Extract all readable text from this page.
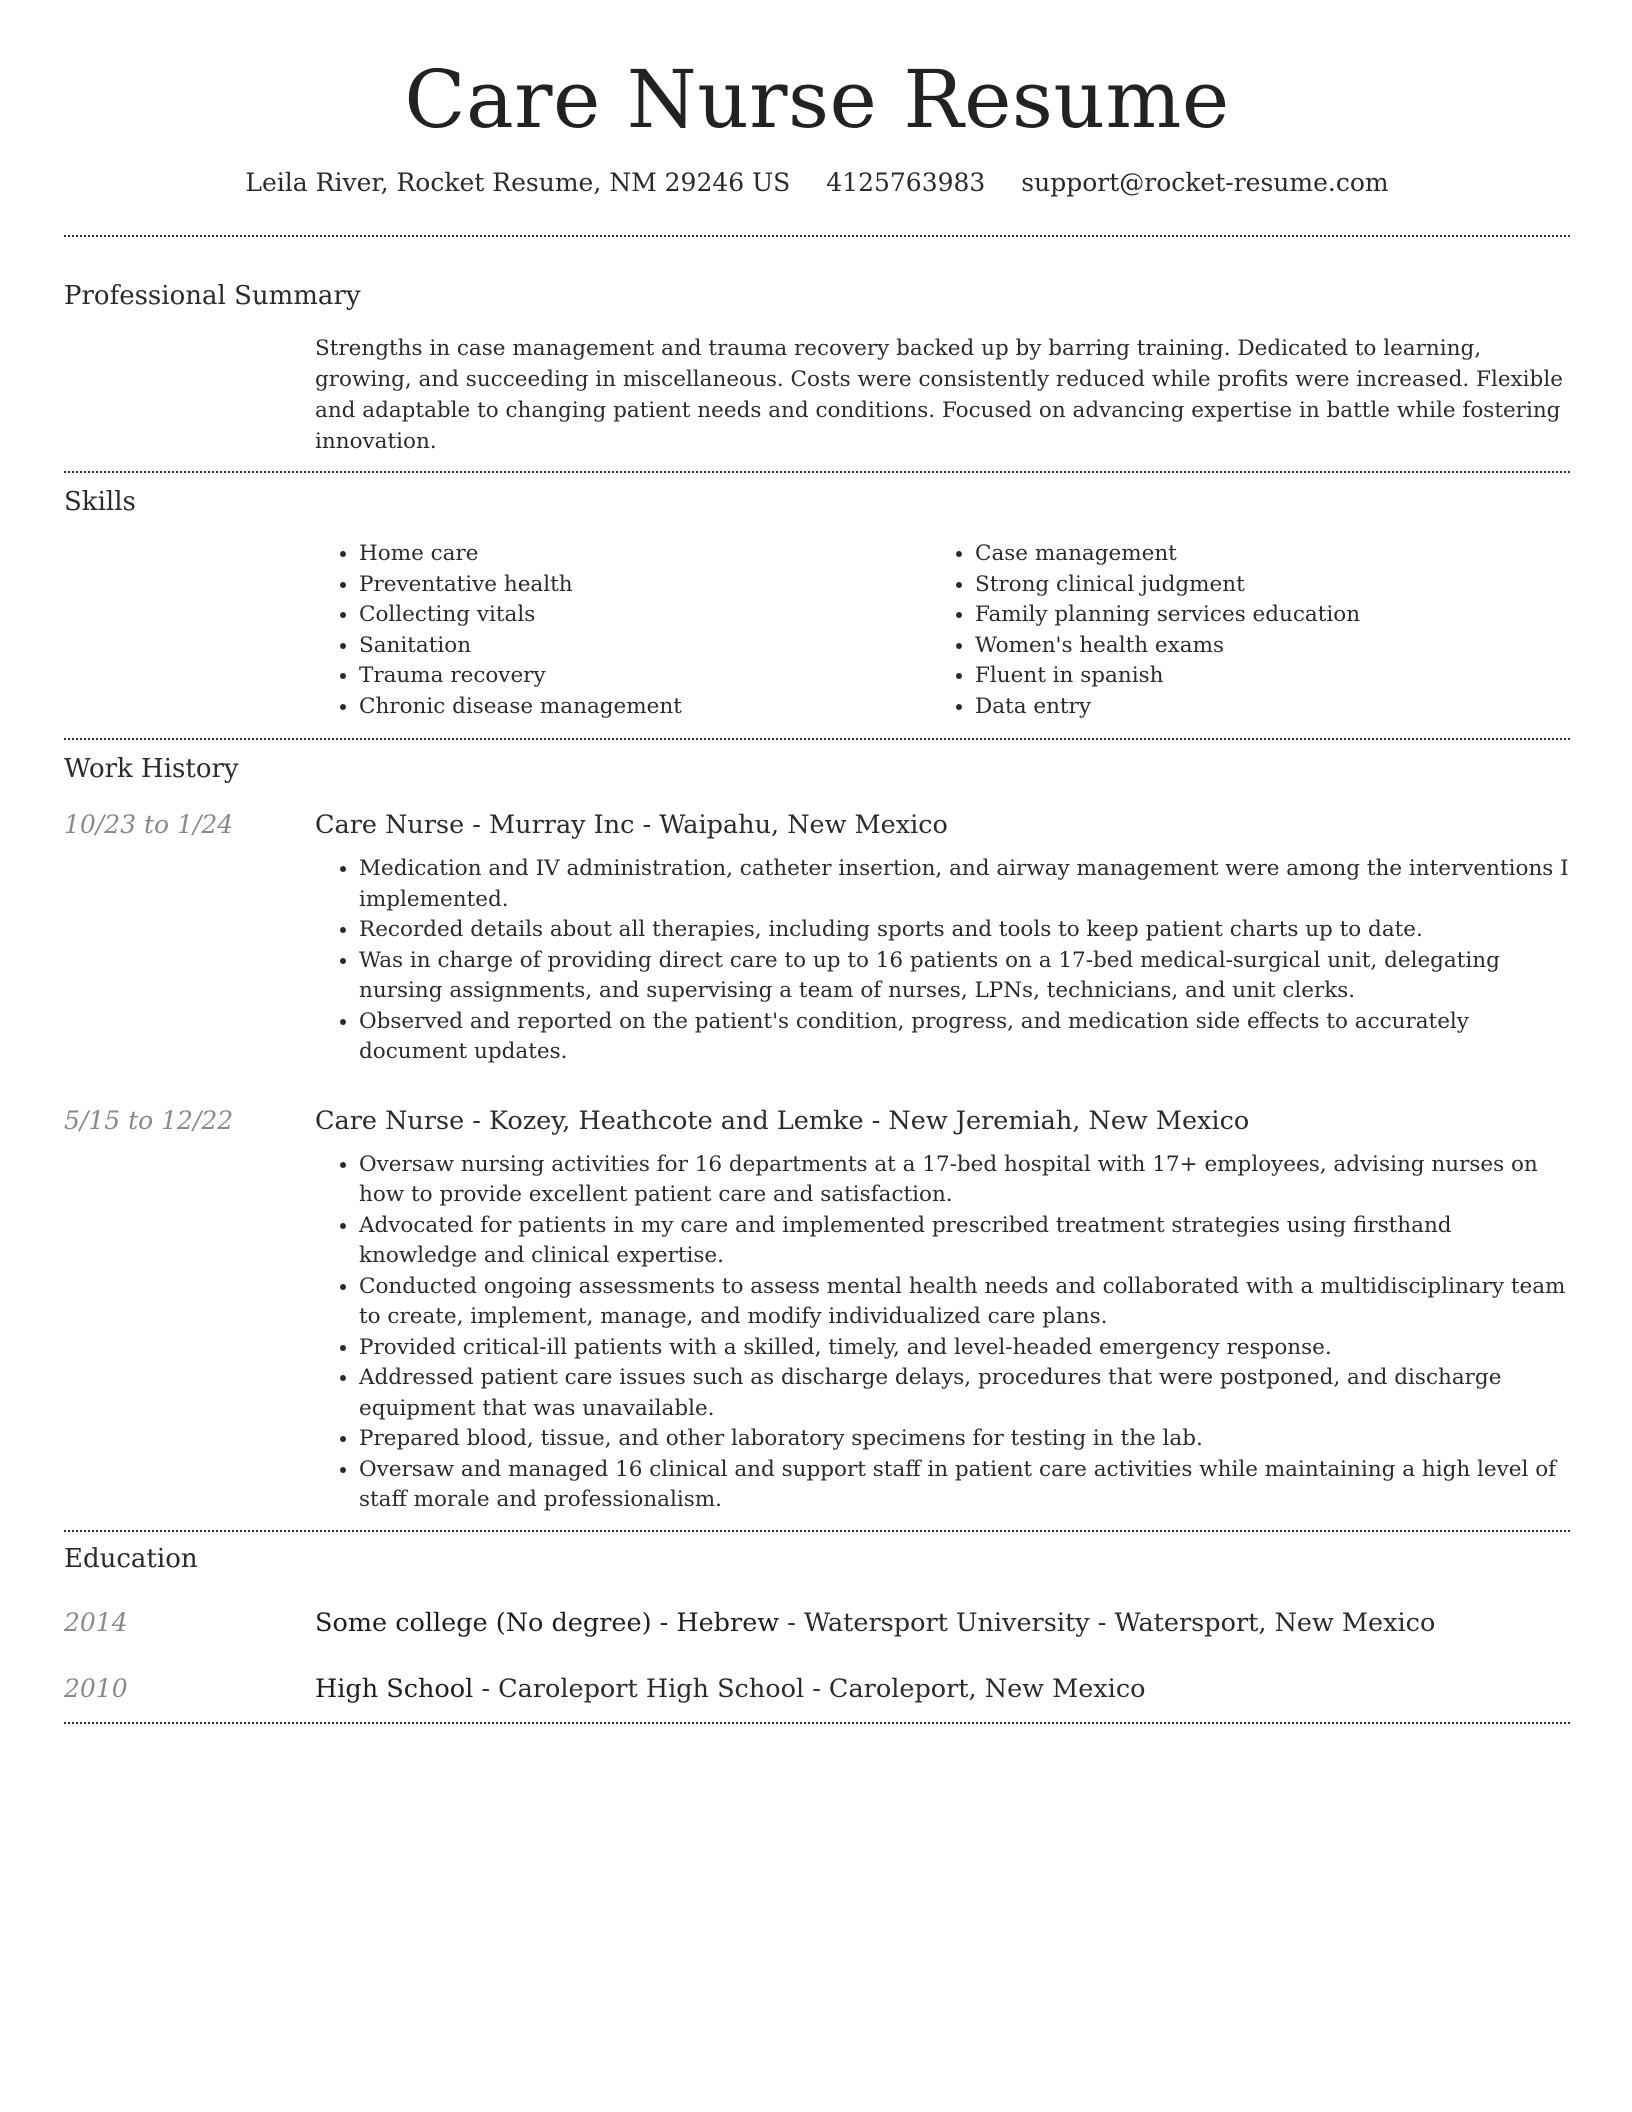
Care Nurse Resume
Leila River, Rocket Resume, NM 29246 US 4125763983 support@rocket-resume.com
Professional Summary

Strengths in case management and trauma recovery backed up by barring training. Dedicated to learning, growing, and succeeding in miscellaneous. Costs were consistently reduced while profits were increased. Flexible and adaptable to changing patient needs and conditions. Focused on advancing expertise in battle while fostering innovation.

Skills
• Home care
• Preventative health
• Collecting vitals
• Sanitation
• Trauma recovery
• Chronic disease management
• Case management
• Strong clinical judgment
• Family planning services education
• Women's health exams
• Fluent in spanish
• Data entry
Work History
10/23 to 1/24	Care Nurse - Murray Inc - Waipahu, New Mexico
• Medication and IV administration, catheter insertion, and airway management were among the interventions I implemented.
• Recorded details about all therapies, including sports and tools to keep patient charts up to date.
• Was in charge of providing direct care to up to 16 patients on a 17-bed medical-surgical unit, delegating nursing assignments, and supervising a team of nurses, LPNs, technicians, and unit clerks.
• Observed and reported on the patient's condition, progress, and medication side effects to accurately document updates.
5/15 to 12/22	Care Nurse - Kozey, Heathcote and Lemke - New Jeremiah, New Mexico
• Oversaw nursing activities for 16 departments at a 17-bed hospital with 17+ employees, advising nurses on how to provide excellent patient care and satisfaction.
• Advocated for patients in my care and implemented prescribed treatment strategies using firsthand knowledge and clinical expertise.
• Conducted ongoing assessments to assess mental health needs and collaborated with a multidisciplinary team to create, implement, manage, and modify individualized care plans.
• Provided critical-ill patients with a skilled, timely, and level-headed emergency response.
• Addressed patient care issues such as discharge delays, procedures that were postponed, and discharge equipment that was unavailable.
• Prepared blood, tissue, and other laboratory specimens for testing in the lab.
• Oversaw and managed 16 clinical and support staff in patient care activities while maintaining a high level of staff morale and professionalism.
Education
2014	Some college (No degree) - Hebrew - Watersport University - Watersport, New Mexico
2010	High School - Caroleport High School - Caroleport, New Mexico
